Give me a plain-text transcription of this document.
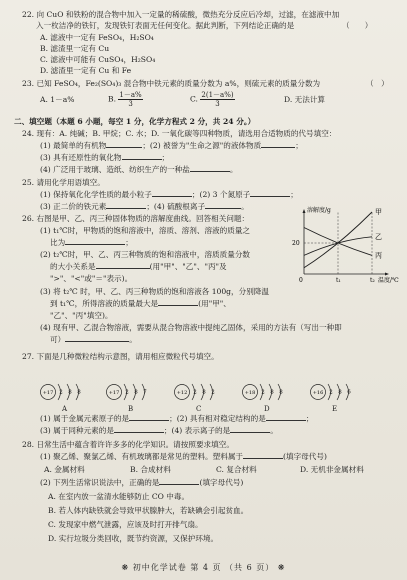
22. 向 CuO 和铁粉的混合物中加入一定量的稀硫酸，微热充分反应后冷却，过滤，在滤液中加
入一枚洁净的铁钉，发现铁钉表面无任何变化。据此判断，下列结论正确的是	（　　）
A. 滤液中一定有 FeSO₄，H₂SO₄
B. 滤渣里一定有 Cu
C. 滤液中可能有 CuSO₄，H₂SO₄
D. 滤渣里一定有 Cu 和 Fe
23. 已知 FeSO₄，Fe₂(SO₄)₃ 混合物中铁元素的质量分数为 a%，则硫元素的质量分数为	（　）
A. 1－a%	B. $\frac{1-a\%}{3}$	C. $\frac{2(1-a\%)}{3}$	D. 无法计算
二、填空题（本题 6 小题，每空 1 分，化学方程式 2 分，共 24 分。）
24. 现有：A. 纯碱；B. 甲烷；C. 水；D. 一氧化碳等四种物质，请选用合适物质的代号填空：
(1) 最简单的有机物	；(2) 被誉为"生命之源"的液体物质	；
(3) 具有还原性的氧化物	；
(4) 广泛用于玻璃、造纸、纺织生产的一种盐	。
25. 请用化学用语填空。
(1) 保持氧化化学性质的最小粒子	；(2) 3 个氮原子	；
(3) 正二价的铁元素	；(4) 硫酸根离子	。
26. 右图是甲、乙、丙三种固体物质的溶解度曲线。回答相关问题：
(1) t₁℃时，甲物质的饱和溶液中，溶质、溶剂、溶液的质量之
比为	；
(2) t₂℃时，甲、乙、丙三种物质的饱和溶液中，溶质质量分数
的大小关系是	(用"甲"、"乙"、"丙"及
">"、"<"或"＝"表示)。
(3) 将 t₂℃ 时，甲、乙、丙三种物质的饱和溶液各 100g，分别降温
到 t₁℃，所得溶液的质量最大是	(用"甲"、
"乙"、"丙"填空)。
(4) 现有甲、乙混合物溶液，需要从混合物溶液中提纯乙固体，采用的方法有（写出一种即
可）	。
溶解度/g
温度/℃
0	t₁	t₂
20
甲
乙
丙
27. 下面是几种微粒结构示意图，请用相应微粒代号填空。
+17 2 8 8
A
+17 2 8 7
B
+12 2 8 2
C
+18 2 8 8
D
+16 2 8 6
E
(1) 属于金属元素原子的是	；(2) 具有相对稳定结构的是	；
(3) 属于同种元素的是	；(4) 表示离子的是	。
28. 日常生活中蕴含着许许多多的化学知识。请按照要求填空。
(1) 聚乙烯、聚氯乙烯、有机玻璃都是常见的塑料。塑料属于	(填字母代号)
A. 金属材料	B. 合成材料	C. 复合材料	D. 无机非金属材料
(2) 下列生活常识说法中，正确的是	(填字母代号)
A. 在室内放一盆清水能够防止 CO 中毒。
B. 若人体内缺铁就会导致甲状腺肿大，若缺碘会引起贫血。
C. 发现家中燃气泄露，应该及时打开排气扇。
D. 实行垃圾分类回收，既节约资源，又保护环境。
❋ 初中化学试卷 第 4 页 （共 6 页） ❋
